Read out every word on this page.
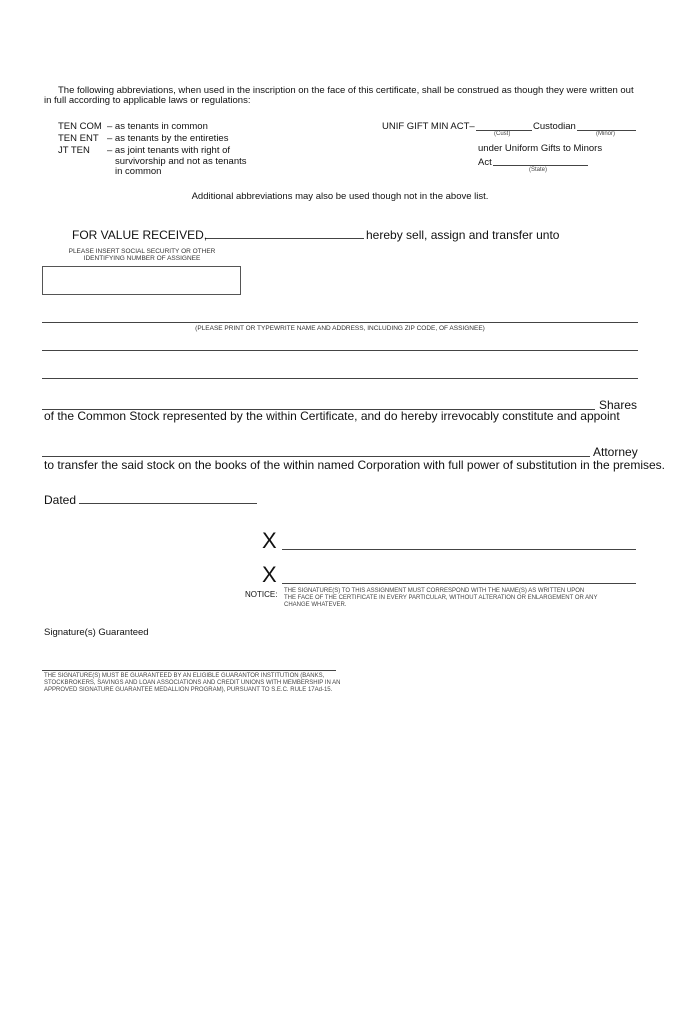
The following abbreviations, when used in the inscription on the face of this certificate, shall be construed as though they were written out
in full according to applicable laws or regulations:
TEN COM – as tenants in common
TEN ENT – as tenants by the entireties
JT TEN – as joint tenants with right of
survivorship and not as tenants
in common
UNIF GIFT MIN ACT–	Custodian
(Cust)	(Minor)
under Uniform Gifts to Minors
Act
(State)
Additional abbreviations may also be used though not in the above list.
FOR VALUE RECEIVED,	hereby sell, assign and transfer unto
PLEASE INSERT SOCIAL SECURITY OR OTHER
IDENTIFYING NUMBER OF ASSIGNEE
(PLEASE PRINT OR TYPEWRITE NAME AND ADDRESS, INCLUDING ZIP CODE, OF ASSIGNEE)
Shares
of the Common Stock represented by the within Certificate, and do hereby irrevocably constitute and appoint
Attorney
to transfer the said stock on the books of the within named Corporation with full power of substitution in the premises.
Dated
X
X
NOTICE: THE SIGNATURE(S) TO THIS ASSIGNMENT MUST CORRESPOND WITH THE NAME(S) AS WRITTEN UPON
THE FACE OF THE CERTIFICATE IN EVERY PARTICULAR, WITHOUT ALTERATION OR ENLARGEMENT OR ANY
CHANGE WHATEVER.
Signature(s) Guaranteed
THE SIGNATURE(S) MUST BE GUARANTEED BY AN ELIGIBLE GUARANTOR INSTITUTION (BANKS,
STOCKBROKERS, SAVINGS AND LOAN ASSOCIATIONS AND CREDIT UNIONS WITH MEMBERSHIP IN AN
APPROVED SIGNATURE GUARANTEE MEDALLION PROGRAM), PURSUANT TO S.E.C. RULE 17Ad-15.
